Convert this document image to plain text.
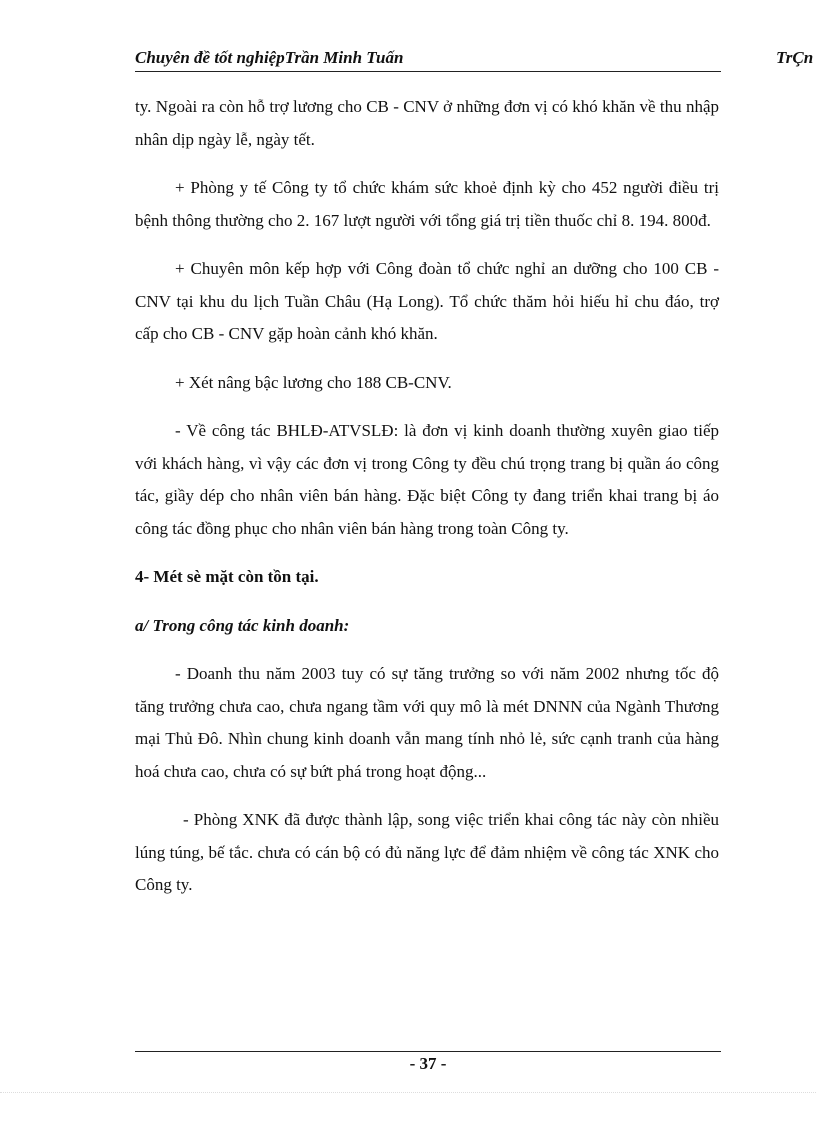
Chuyên đề tốt nghiệpTrần Minh Tuấn	TrÇn

ty. Ngoài ra còn hỗ trợ lương cho CB - CNV ở những đơn vị có khó khăn về thu nhập nhân dịp ngày lễ, ngày tết.

+ Phòng y tế Công ty tổ chức khám sức khoẻ định kỳ cho 452 người điều trị bệnh thông thường cho 2. 167 lượt người với tổng giá trị tiền thuốc chỉ 8. 194. 800đ.

+ Chuyên môn kếp hợp với Công đoàn tổ chức nghỉ an dưỡng cho 100 CB - CNV tại khu du lịch Tuần Châu (Hạ Long). Tổ chức thăm hỏi hiếu hỉ chu đáo, trợ cấp cho CB - CNV gặp hoàn cảnh khó khăn.

+ Xét nâng bậc lương cho 188 CB-CNV.

- Về công tác BHLĐ-ATVSLĐ: là đơn vị kinh doanh thường xuyên giao tiếp với khách hàng, vì vậy các đơn vị trong Công ty đều chú trọng trang bị quần áo công tác, giầy dép cho nhân viên bán hàng. Đặc biệt Công ty đang triển khai trang bị áo công tác đồng phục cho nhân viên bán hàng trong toàn Công ty.

4- Mét sè mặt còn tồn tại.

a/ Trong công tác kinh doanh:

- Doanh thu năm 2003 tuy có sự tăng trưởng so với năm 2002 nhưng tốc độ tăng trưởng chưa cao, chưa ngang tầm với quy mô là mét DNNN của Ngành Thương mại Thủ Đô. Nhìn chung kinh doanh vẫn mang tính nhỏ lẻ, sức cạnh tranh của hàng hoá chưa cao, chưa có sự bứt phá trong hoạt động...

- Phòng XNK đã được thành lập, song việc triển khai công tác này còn nhiều lúng túng, bế tắc. chưa có cán bộ có đủ năng lực để đảm nhiệm về công tác XNK cho Công ty.

- 37 -
